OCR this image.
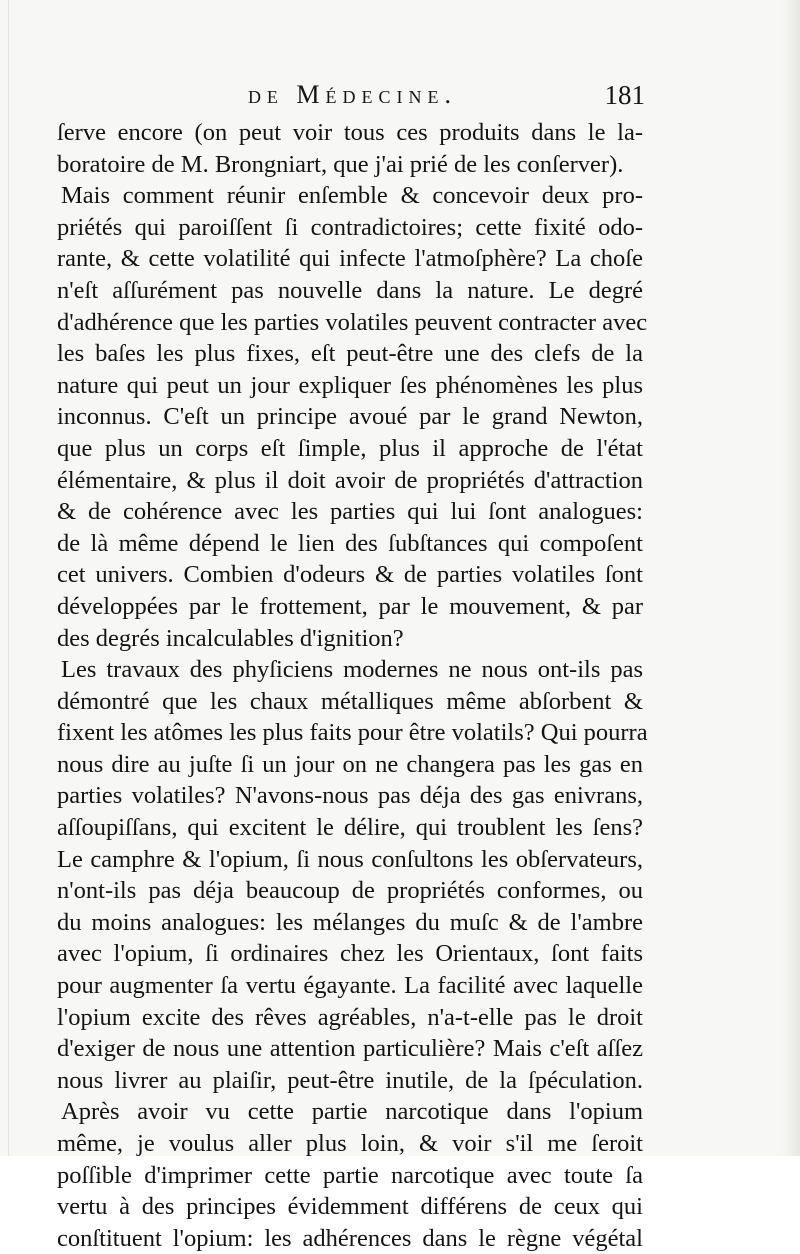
de Médecine.	181
ſerve encore (on peut voir tous ces produits dans le la-
boratoire de M. Brongniart, que j'ai prié de les conſerver).
Mais comment réunir enſemble & concevoir deux pro-
priétés qui paroiſſent ſi contradictoires; cette fixité odo-
rante, & cette volatilité qui infecte l'atmoſphère? La choſe
n'eſt aſſurément pas nouvelle dans la nature. Le degré
d'adhérence que les parties volatiles peuvent contracter avec
les baſes les plus fixes, eſt peut-être une des clefs de la
nature qui peut un jour expliquer ſes phénomènes les plus
inconnus. C'eſt un principe avoué par le grand Newton,
que plus un corps eſt ſimple, plus il approche de l'état
élémentaire, & plus il doit avoir de propriétés d'attraction
& de cohérence avec les parties qui lui ſont analogues:
de là même dépend le lien des ſubſtances qui compoſent
cet univers. Combien d'odeurs & de parties volatiles ſont
développées par le frottement, par le mouvement, & par
des degrés incalculables d'ignition?
Les travaux des phyſiciens modernes ne nous ont-ils pas
démontré que les chaux métalliques même abſorbent &
fixent les atômes les plus faits pour être volatils? Qui pourra
nous dire au juſte ſi un jour on ne changera pas les gas en
parties volatiles? N'avons-nous pas déja des gas enivrans,
aſſoupiſſans, qui excitent le délire, qui troublent les ſens?
Le camphre & l'opium, ſi nous conſultons les obſervateurs,
n'ont-ils pas déja beaucoup de propriétés conformes, ou
du moins analogues: les mélanges du muſc & de l'ambre
avec l'opium, ſi ordinaires chez les Orientaux, ſont faits
pour augmenter ſa vertu égayante. La facilité avec laquelle
l'opium excite des rêves agréables, n'a-t-elle pas le droit
d'exiger de nous une attention particulière? Mais c'eſt aſſez
nous livrer au plaiſir, peut-être inutile, de la ſpéculation.
Après avoir vu cette partie narcotique dans l'opium
même, je voulus aller plus loin, & voir s'il me ſeroit
poſſible d'imprimer cette partie narcotique avec toute ſa
vertu à des principes évidemment différens de ceux qui
conſtituent l'opium: les adhérences dans le règne végétal
